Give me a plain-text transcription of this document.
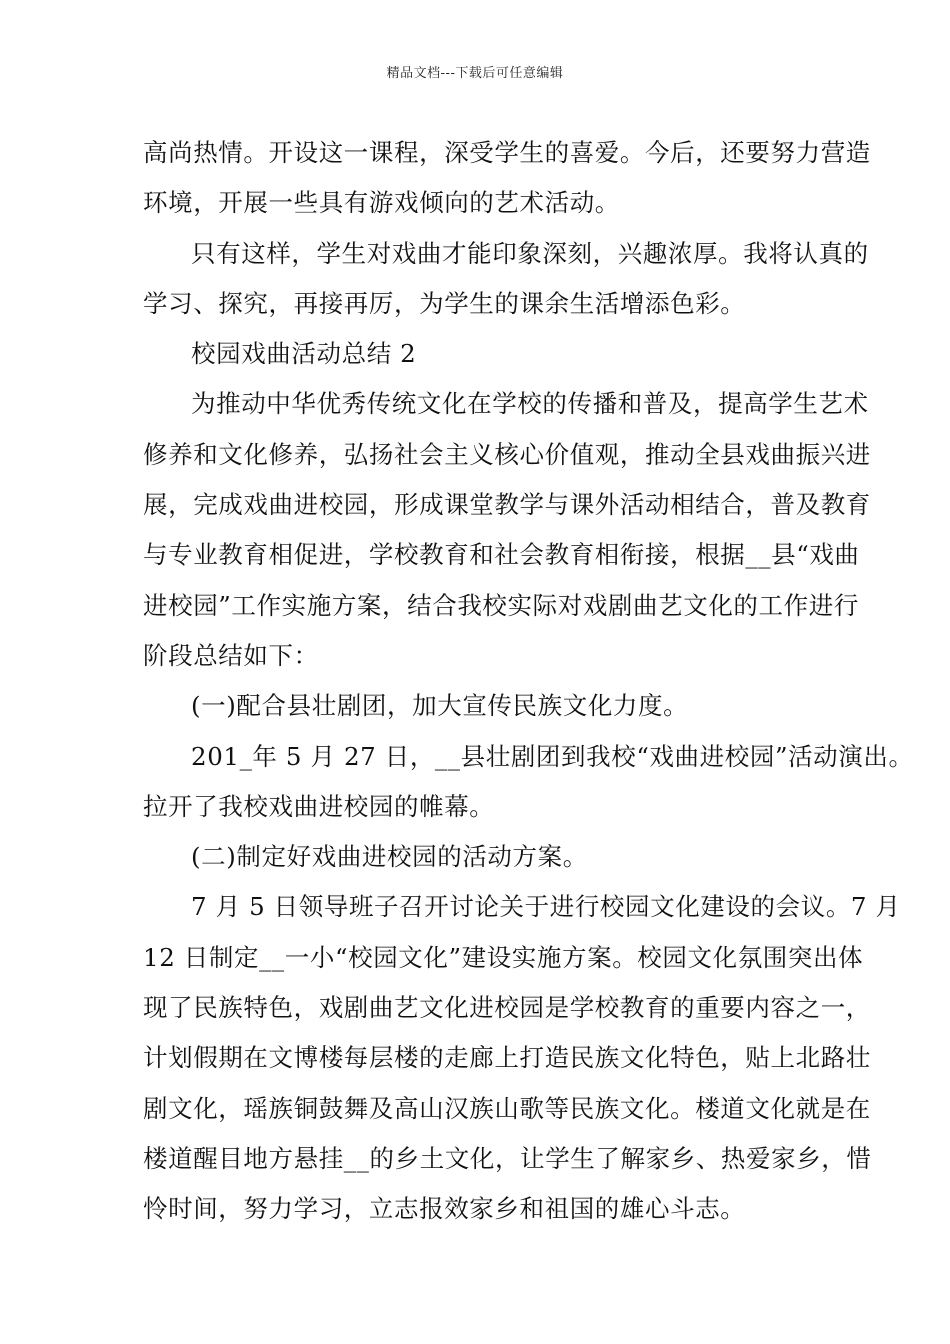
精品文档---下载后可任意编辑
高尚热情。开设这一课程，深受学生的喜爱。今后，还要努力营造
环境，开展一些具有游戏倾向的艺术活动。
只有这样，学生对戏曲才能印象深刻，兴趣浓厚。我将认真的
学习、探究，再接再厉，为学生的课余生活增添色彩。
校园戏曲活动总结 2
为推动中华优秀传统文化在学校的传播和普及，提高学生艺术
修养和文化修养，弘扬社会主义核心价值观，推动全县戏曲振兴进
展，完成戏曲进校园，形成课堂教学与课外活动相结合，普及教育
与专业教育相促进，学校教育和社会教育相衔接，根据__县“戏曲
进校园”工作实施方案，结合我校实际对戏剧曲艺文化的工作进行
阶段总结如下：
(一)配合县壮剧团，加大宣传民族文化力度。
201_年 5 月 27 日，__县壮剧团到我校“戏曲进校园”活动演出。
拉开了我校戏曲进校园的帷幕。
(二)制定好戏曲进校园的活动方案。
7 月 5 日领导班子召开讨论关于进行校园文化建设的会议。7 月
12 日制定__一小“校园文化”建设实施方案。校园文化氛围突出体
现了民族特色，戏剧曲艺文化进校园是学校教育的重要内容之一，
计划假期在文博楼每层楼的走廊上打造民族文化特色，贴上北路壮
剧文化，瑶族铜鼓舞及高山汉族山歌等民族文化。楼道文化就是在
楼道醒目地方悬挂__的乡土文化，让学生了解家乡、热爱家乡，惜
怜时间，努力学习，立志报效家乡和祖国的雄心斗志。
